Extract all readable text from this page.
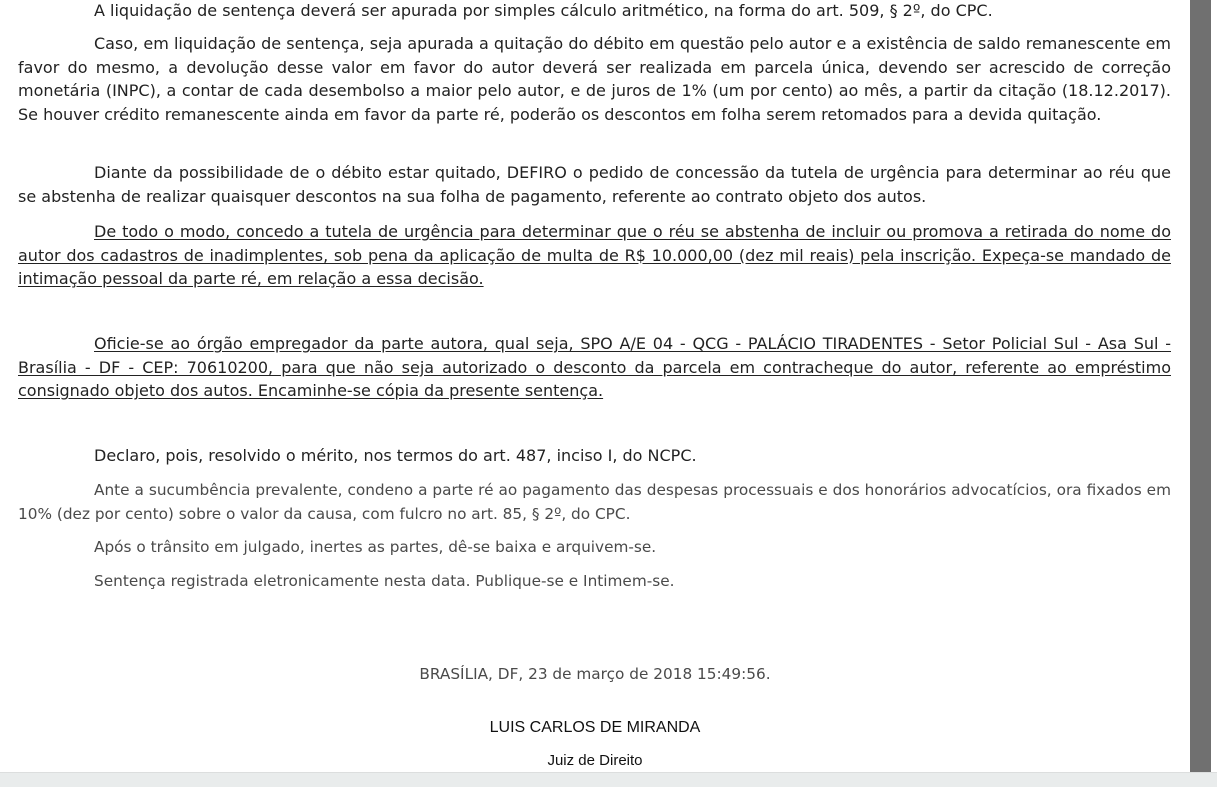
A liquidação de sentença deverá ser apurada por simples cálculo aritmético, na forma do art. 509, § 2º, do CPC.

Caso, em liquidação de sentença, seja apurada a quitação do débito em questão pelo autor e a existência de saldo remanescente em favor do mesmo, a devolução desse valor em favor do autor deverá ser realizada em parcela única, devendo ser acrescido de correção monetária (INPC), a contar de cada desembolso a maior pelo autor, e de juros de 1% (um por cento) ao mês, a partir da citação (18.12.2017). Se houver crédito remanescente ainda em favor da parte ré, poderão os descontos em folha serem retomados para a devida quitação.

Diante da possibilidade de o débito estar quitado, DEFIRO o pedido de concessão da tutela de urgência para determinar ao réu que se abstenha de realizar quaisquer descontos na sua folha de pagamento, referente ao contrato objeto dos autos.

De todo o modo, concedo a tutela de urgência para determinar que o réu se abstenha de incluir ou promova a retirada do nome do autor dos cadastros de inadimplentes, sob pena da aplicação de multa de R$ 10.000,00 (dez mil reais) pela inscrição. Expeça-se mandado de intimação pessoal da parte ré, em relação a essa decisão.

Oficie-se ao órgão empregador da parte autora, qual seja, SPO A/E 04 - QCG - PALÁCIO TIRADENTES - Setor Policial Sul - Asa Sul - Brasília - DF - CEP: 70610200, para que não seja autorizado o desconto da parcela em contracheque do autor, referente ao empréstimo consignado objeto dos autos. Encaminhe-se cópia da presente sentença.

Declaro, pois, resolvido o mérito, nos termos do art. 487, inciso I, do NCPC.

Ante a sucumbência prevalente, condeno a parte ré ao pagamento das despesas processuais e dos honorários advocatícios, ora fixados em 10% (dez por cento) sobre o valor da causa, com fulcro no art. 85, § 2º, do CPC.

Após o trânsito em julgado, inertes as partes, dê-se baixa e arquivem-se.

Sentença registrada eletronicamente nesta data. Publique-se e Intimem-se.

BRASÍLIA, DF, 23 de março de 2018 15:49:56.
LUIS CARLOS DE MIRANDA
Juiz de Direito
